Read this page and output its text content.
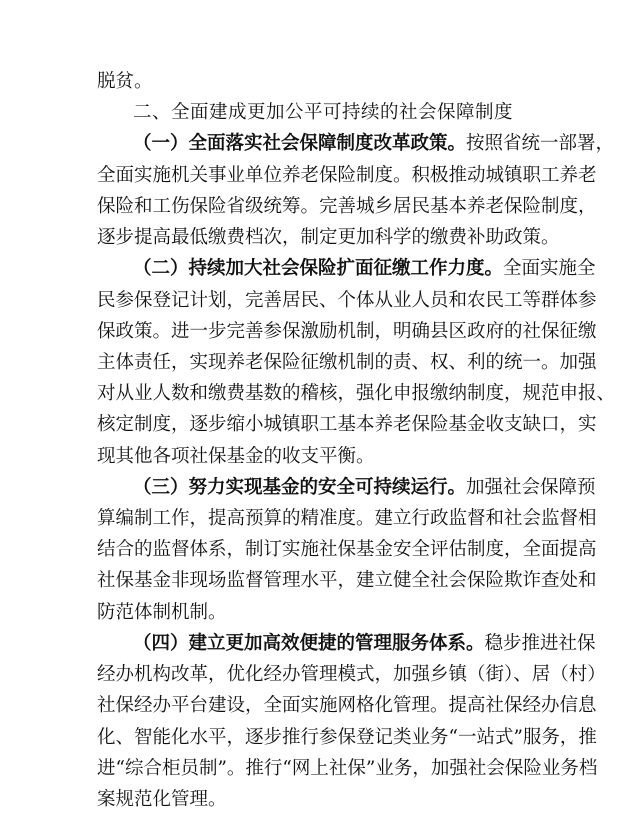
脱贫。
二、全面建成更加公平可持续的社会保障制度
（一）全面落实社会保障制度改革政策。按照省统一部署，
全面实施机关事业单位养老保险制度。积极推动城镇职工养老
保险和工伤保险省级统筹。完善城乡居民基本养老保险制度，
逐步提高最低缴费档次，制定更加科学的缴费补助政策。
（二）持续加大社会保险扩面征缴工作力度。全面实施全
民参保登记计划，完善居民、个体从业人员和农民工等群体参
保政策。进一步完善参保激励机制，明确县区政府的社保征缴
主体责任，实现养老保险征缴机制的责、权、利的统一。加强
对从业人数和缴费基数的稽核，强化申报缴纳制度，规范申报、
核定制度，逐步缩小城镇职工基本养老保险基金收支缺口，实
现其他各项社保基金的收支平衡。
（三）努力实现基金的安全可持续运行。加强社会保障预
算编制工作，提高预算的精准度。建立行政监督和社会监督相
结合的监督体系，制订实施社保基金安全评估制度，全面提高
社保基金非现场监督管理水平，建立健全社会保险欺诈查处和
防范体制机制。
（四）建立更加高效便捷的管理服务体系。稳步推进社保
经办机构改革，优化经办管理模式，加强乡镇（街）、居（村）
社保经办平台建设，全面实施网格化管理。提高社保经办信息
化、智能化水平，逐步推行参保登记类业务“一站式”服务，推
进“综合柜员制”。推行“网上社保”业务，加强社会保险业务档
案规范化管理。
